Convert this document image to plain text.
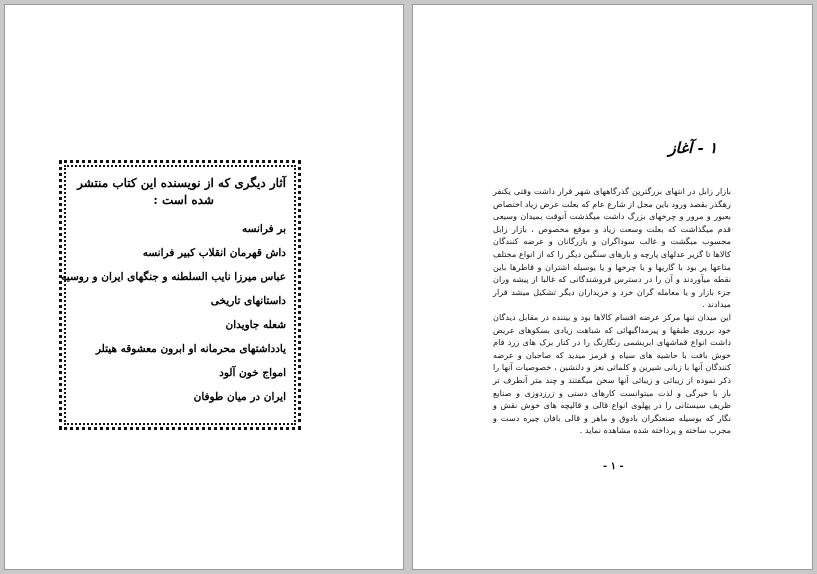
آثار دیگری که از نویسنده این کتاب منتشر

شده است :

بر فرانسه
داش قهرمان انقلاب کبیر فرانسه
عباس میرزا نایب السلطنه و جنگهای ایران و روسیه
داستانهای تاریخی
شعله جاویدان
یادداشتهای محرمانه او ابرون معشوقه هیتلر
امواج خون آلود
ایران در میان طوفان
۱ - آغاز

بازار زابل در انتهای بزرگترین گذرگاههای شهر قرار داشت وقتی یکنفر رهگذر بقصد ورود باین محل از شارع عام که بعلت عرض زیاد اختصاص بعبور و مرور و چرخهای بزرگ داشت میگذشت آنوقت بمیدان وسیعی قدم میگذاشت که بعلت وسعت زیاد و موقع مخصوص ، بازار زابل محسوب میگشت و غالب سوداگران و بازرگانان و عرضه کنندگان کالاها تا گزیر عدلهای پارچه و بارهای سنگین دیگر را که از انواع مختلف متاعها پر بود با گاریها و یا چرخها و یا بوسیله اشتران و قاطرها باین نقطه میآوردند و آن را در دسترس فروشندگانی که غالبا از پیشه وران جزء بازار و یا معامله گران خرد و خریداران دیگر تشکیل میشد قرار میدادند .

این میدان تنها مرکز عرضه اقسام کالاها بود و بیننده در مقابل دیدگان خود برروی طبقها و پیرمداگیهائی که شباهت زیادی بسکوهای عریض داشت انواع قماشهای ابریشمی رنگارنگ را در کنار برک های زرد فام خوش بافت با حاشیه های سیاه و قرمز میدید که صاحبان و عرضه کنندگان آنها با زبانی شیرین و کلماتی نغز و دلنشین ، خصوصیات آنها را ذکر نموده از زیبائی و زیبائی آنها سخن میگفتند و چند متر آنطرف تر باز با خیرگی و لذت میتوانست کارهای دستی و زرزدوزی و صنایع ظریف سیستانی را در پهلوی انواع قالی و قالیچه های خوش نقش و نگار که بوسیله صنعتگران بادوق و ماهر و قالی بافان چیره دست و مجرب ساخته و پرداخته شده مشاهده نماید .

- ۱ -
